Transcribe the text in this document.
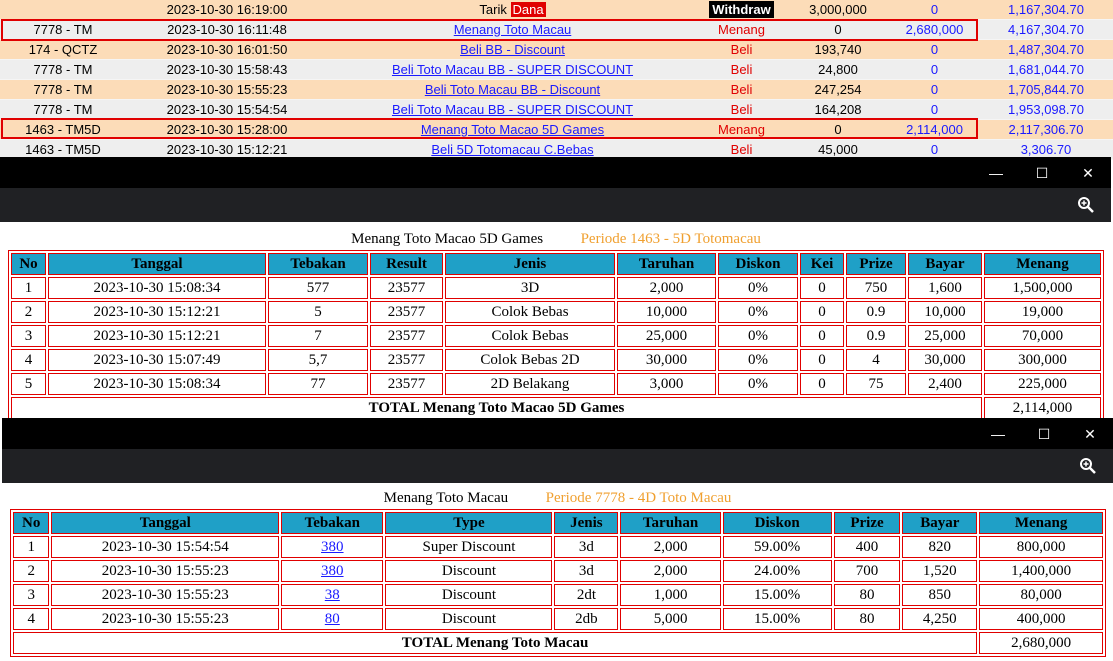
	2023-10-30 16:19:00	Tarik Dana	Withdraw	3,000,000	0	1,167,304.70
7778 - TM	2023-10-30 16:11:48	Menang Toto Macau	Menang	0	2,680,000	4,167,304.70
174 - QCTZ	2023-10-30 16:01:50	Beli BB - Discount	Beli	193,740	0	1,487,304.70
7778 - TM	2023-10-30 15:58:43	Beli Toto Macau BB - SUPER DISCOUNT	Beli	24,800	0	1,681,044.70
7778 - TM	2023-10-30 15:55:23	Beli Toto Macau BB - Discount	Beli	247,254	0	1,705,844.70
7778 - TM	2023-10-30 15:54:54	Beli Toto Macau BB - SUPER DISCOUNT	Beli	164,208	0	1,953,098.70
1463 - TM5D	2023-10-30 15:28:00	Menang Toto Macao 5D Games	Menang	0	2,114,000	2,117,306.70
1463 - TM5D	2023-10-30 15:12:21	Beli 5D Totomacau C.Bebas	Beli	45,000	0	3,306.70
— ☐ ✕
Menang Toto Macao 5D Games	Periode 1463 - 5D Totomacau
No	Tanggal	Tebakan	Result	Jenis	Taruhan	Diskon	Kei	Prize	Bayar	Menang
1	2023-10-30 15:08:34	577	23577	3D	2,000	0%	0	750	1,600	1,500,000
2	2023-10-30 15:12:21	5	23577	Colok Bebas	10,000	0%	0	0.9	10,000	19,000
3	2023-10-30 15:12:21	7	23577	Colok Bebas	25,000	0%	0	0.9	25,000	70,000
4	2023-10-30 15:07:49	5,7	23577	Colok Bebas 2D	30,000	0%	0	4	30,000	300,000
5	2023-10-30 15:08:34	77	23577	2D Belakang	3,000	0%	0	75	2,400	225,000
TOTAL Menang Toto Macao 5D Games										2,114,000
— ☐ ✕
Menang Toto Macau	Periode 7778 - 4D Toto Macau
No	Tanggal	Tebakan	Type	Jenis	Taruhan	Diskon	Prize	Bayar	Menang
1	2023-10-30 15:54:54	380	Super Discount	3d	2,000	59.00%	400	820	800,000
2	2023-10-30 15:55:23	380	Discount	3d	2,000	24.00%	700	1,520	1,400,000
3	2023-10-30 15:55:23	38	Discount	2dt	1,000	15.00%	80	850	80,000
4	2023-10-30 15:55:23	80	Discount	2db	5,000	15.00%	80	4,250	400,000
TOTAL Menang Toto Macau									2,680,000
